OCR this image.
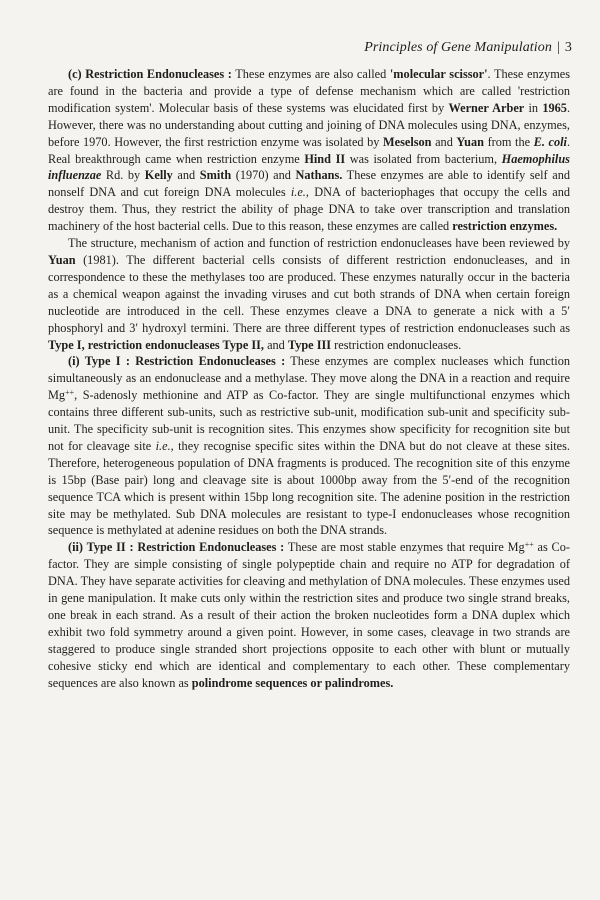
Principles of Gene Manipulation | 3

(c) Restriction Endonucleases : These enzymes are also called 'molecular scissor'. These enzymes are found in the bacteria and provide a type of defense mechanism which are called 'restriction modification system'. Molecular basis of these systems was elucidated first by Werner Arber in 1965. However, there was no understanding about cutting and joining of DNA molecules using DNA, enzymes, before 1970. However, the first restriction enzyme was isolated by Meselson and Yuan from the E. coli. Real breakthrough came when restriction enzyme Hind II was isolated from bacterium, Haemophilus influenzae Rd. by Kelly and Smith (1970) and Nathans. These enzymes are able to identify self and nonself DNA and cut foreign DNA molecules i.e., DNA of bacteriophages that occupy the cells and destroy them. Thus, they restrict the ability of phage DNA to take over transcription and translation machinery of the host bacterial cells. Due to this reason, these enzymes are called restriction enzymes.

The structure, mechanism of action and function of restriction endonucleases have been reviewed by Yuan (1981). The different bacterial cells consists of different restriction endonucleases, and in correspondence to these the methylases too are produced. These enzymes naturally occur in the bacteria as a chemical weapon against the invading viruses and cut both strands of DNA when certain foreign nucleotide are introduced in the cell. These enzymes cleave a DNA to generate a nick with a 5′ phosphoryl and 3′ hydroxyl termini. There are three different types of restriction endonucleases such as Type I, restriction endonucleases Type II, and Type III restriction endonucleases.

(i) Type I : Restriction Endonucleases : These enzymes are complex nucleases which function simultaneously as an endonuclease and a methylase. They move along the DNA in a reaction and require Mg++, S-adenosly methionine and ATP as Co-factor. They are single multifunctional enzymes which contains three different sub-units, such as restrictive sub-unit, modification sub-unit and specificity sub-unit. The specificity sub-unit is recognition sites. This enzymes show specificity for recognition site but not for cleavage site i.e., they recognise specific sites within the DNA but do not cleave at these sites. Therefore, heterogeneous population of DNA fragments is produced. The recognition site of this enzyme is 15bp (Base pair) long and cleavage site is about 1000bp away from the 5′-end of the recognition sequence TCA which is present within 15bp long recognition site. The adenine position in the restriction site may be methylated. Sub DNA molecules are resistant to type-I endonucleases whose recognition sequence is methylated at adenine residues on both the DNA strands.

(ii) Type II : Restriction Endonucleases : These are most stable enzymes that require Mg++ as Co-factor. They are simple consisting of single polypeptide chain and require no ATP for degradation of DNA. They have separate activities for cleaving and methylation of DNA molecules. These enzymes used in gene manipulation. It make cuts only within the restriction sites and produce two single strand breaks, one break in each strand. As a result of their action the broken nucleotides form a DNA duplex which exhibit two fold symmetry around a given point. However, in some cases, cleavage in two strands are staggered to produce single stranded short projections opposite to each other with blunt or mutually cohesive sticky end which are identical and complementary to each other. These complementary sequences are also known as polindrome sequences or palindromes.
